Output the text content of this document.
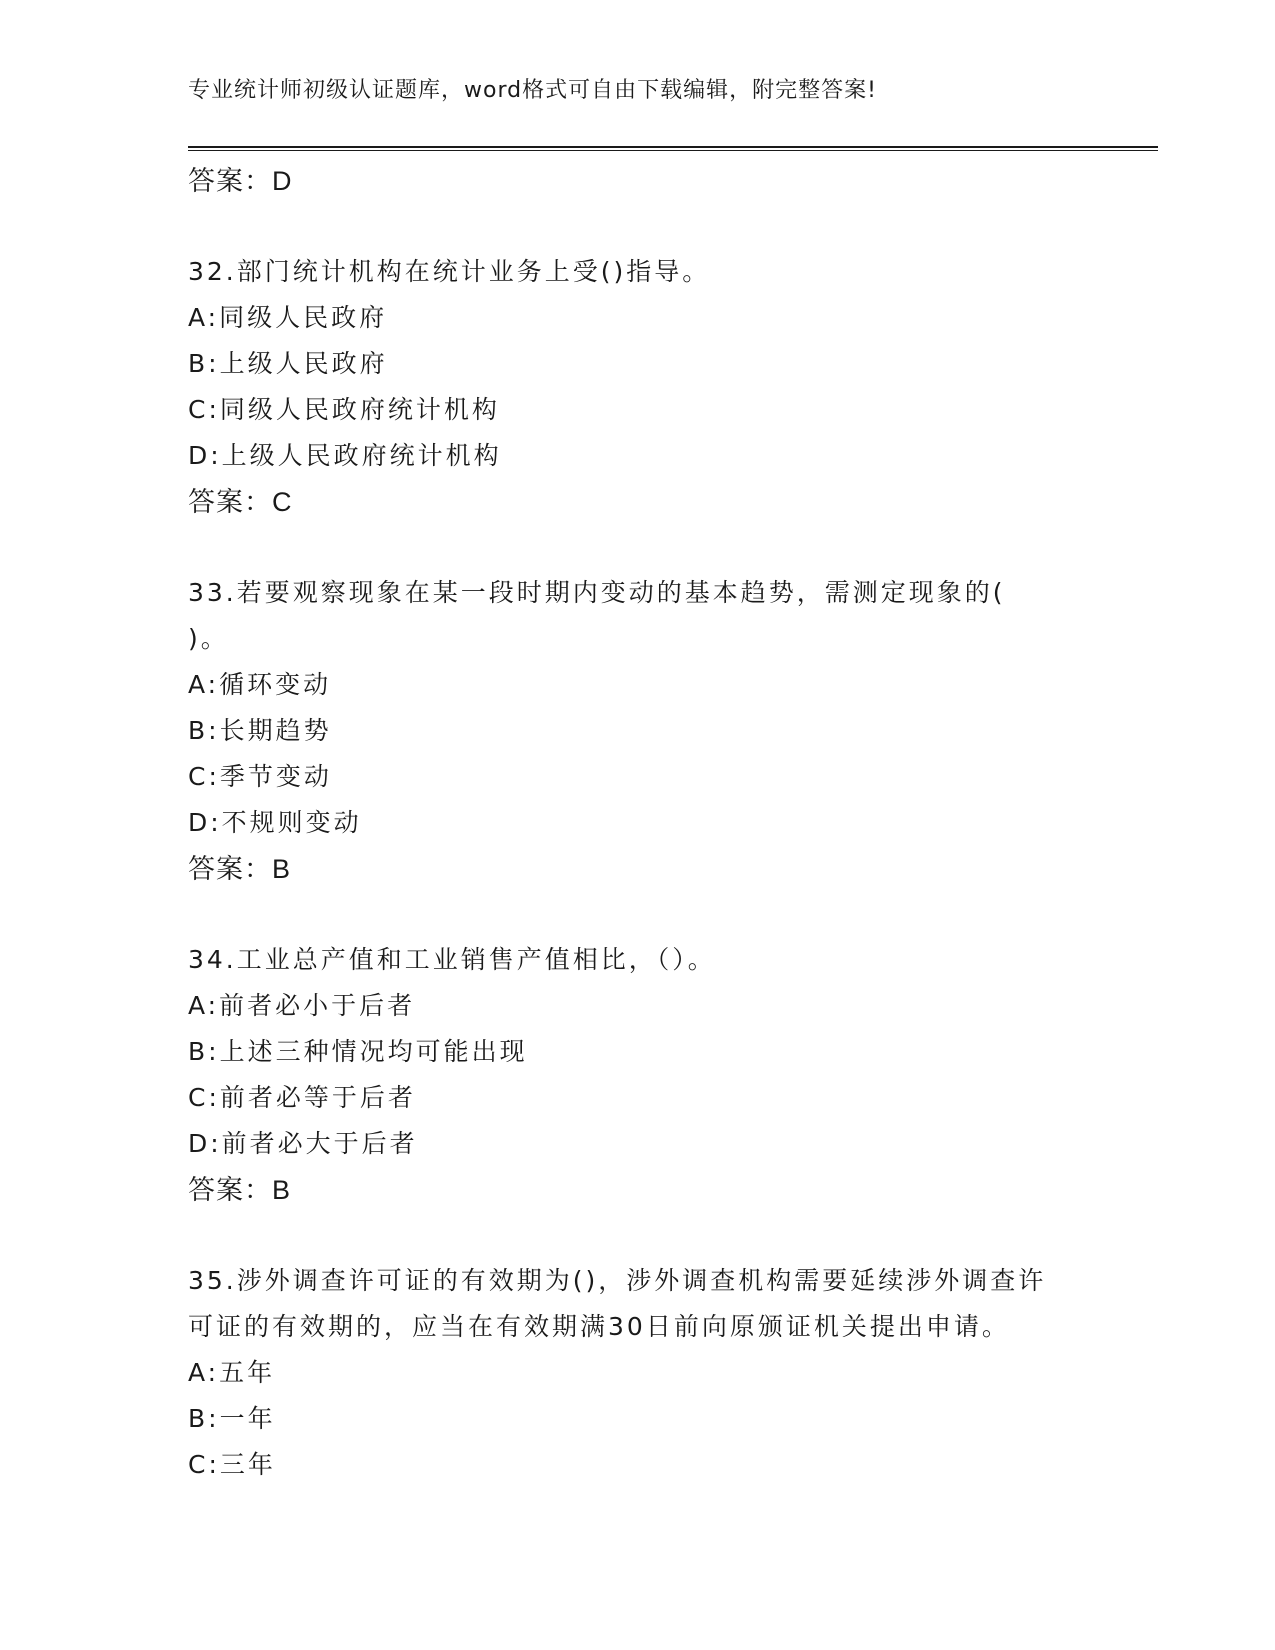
专业统计师初级认证题库，word格式可自由下载编辑，附完整答案!
答案：D
32.部门统计机构在统计业务上受()指导。
A:同级人民政府
B:上级人民政府
C:同级人民政府统计机构
D:上级人民政府统计机构
答案：C
33.若要观察现象在某一段时期内变动的基本趋势，需测定现象的(
)。
A:循环变动
B:长期趋势
C:季节变动
D:不规则变动
答案：B
34.工业总产值和工业销售产值相比，（）。
A:前者必小于后者
B:上述三种情况均可能出现
C:前者必等于后者
D:前者必大于后者
答案：B
35.涉外调查许可证的有效期为()，涉外调查机构需要延续涉外调查许
可证的有效期的，应当在有效期满30日前向原颁证机关提出申请。
A:五年
B:一年
C:三年
